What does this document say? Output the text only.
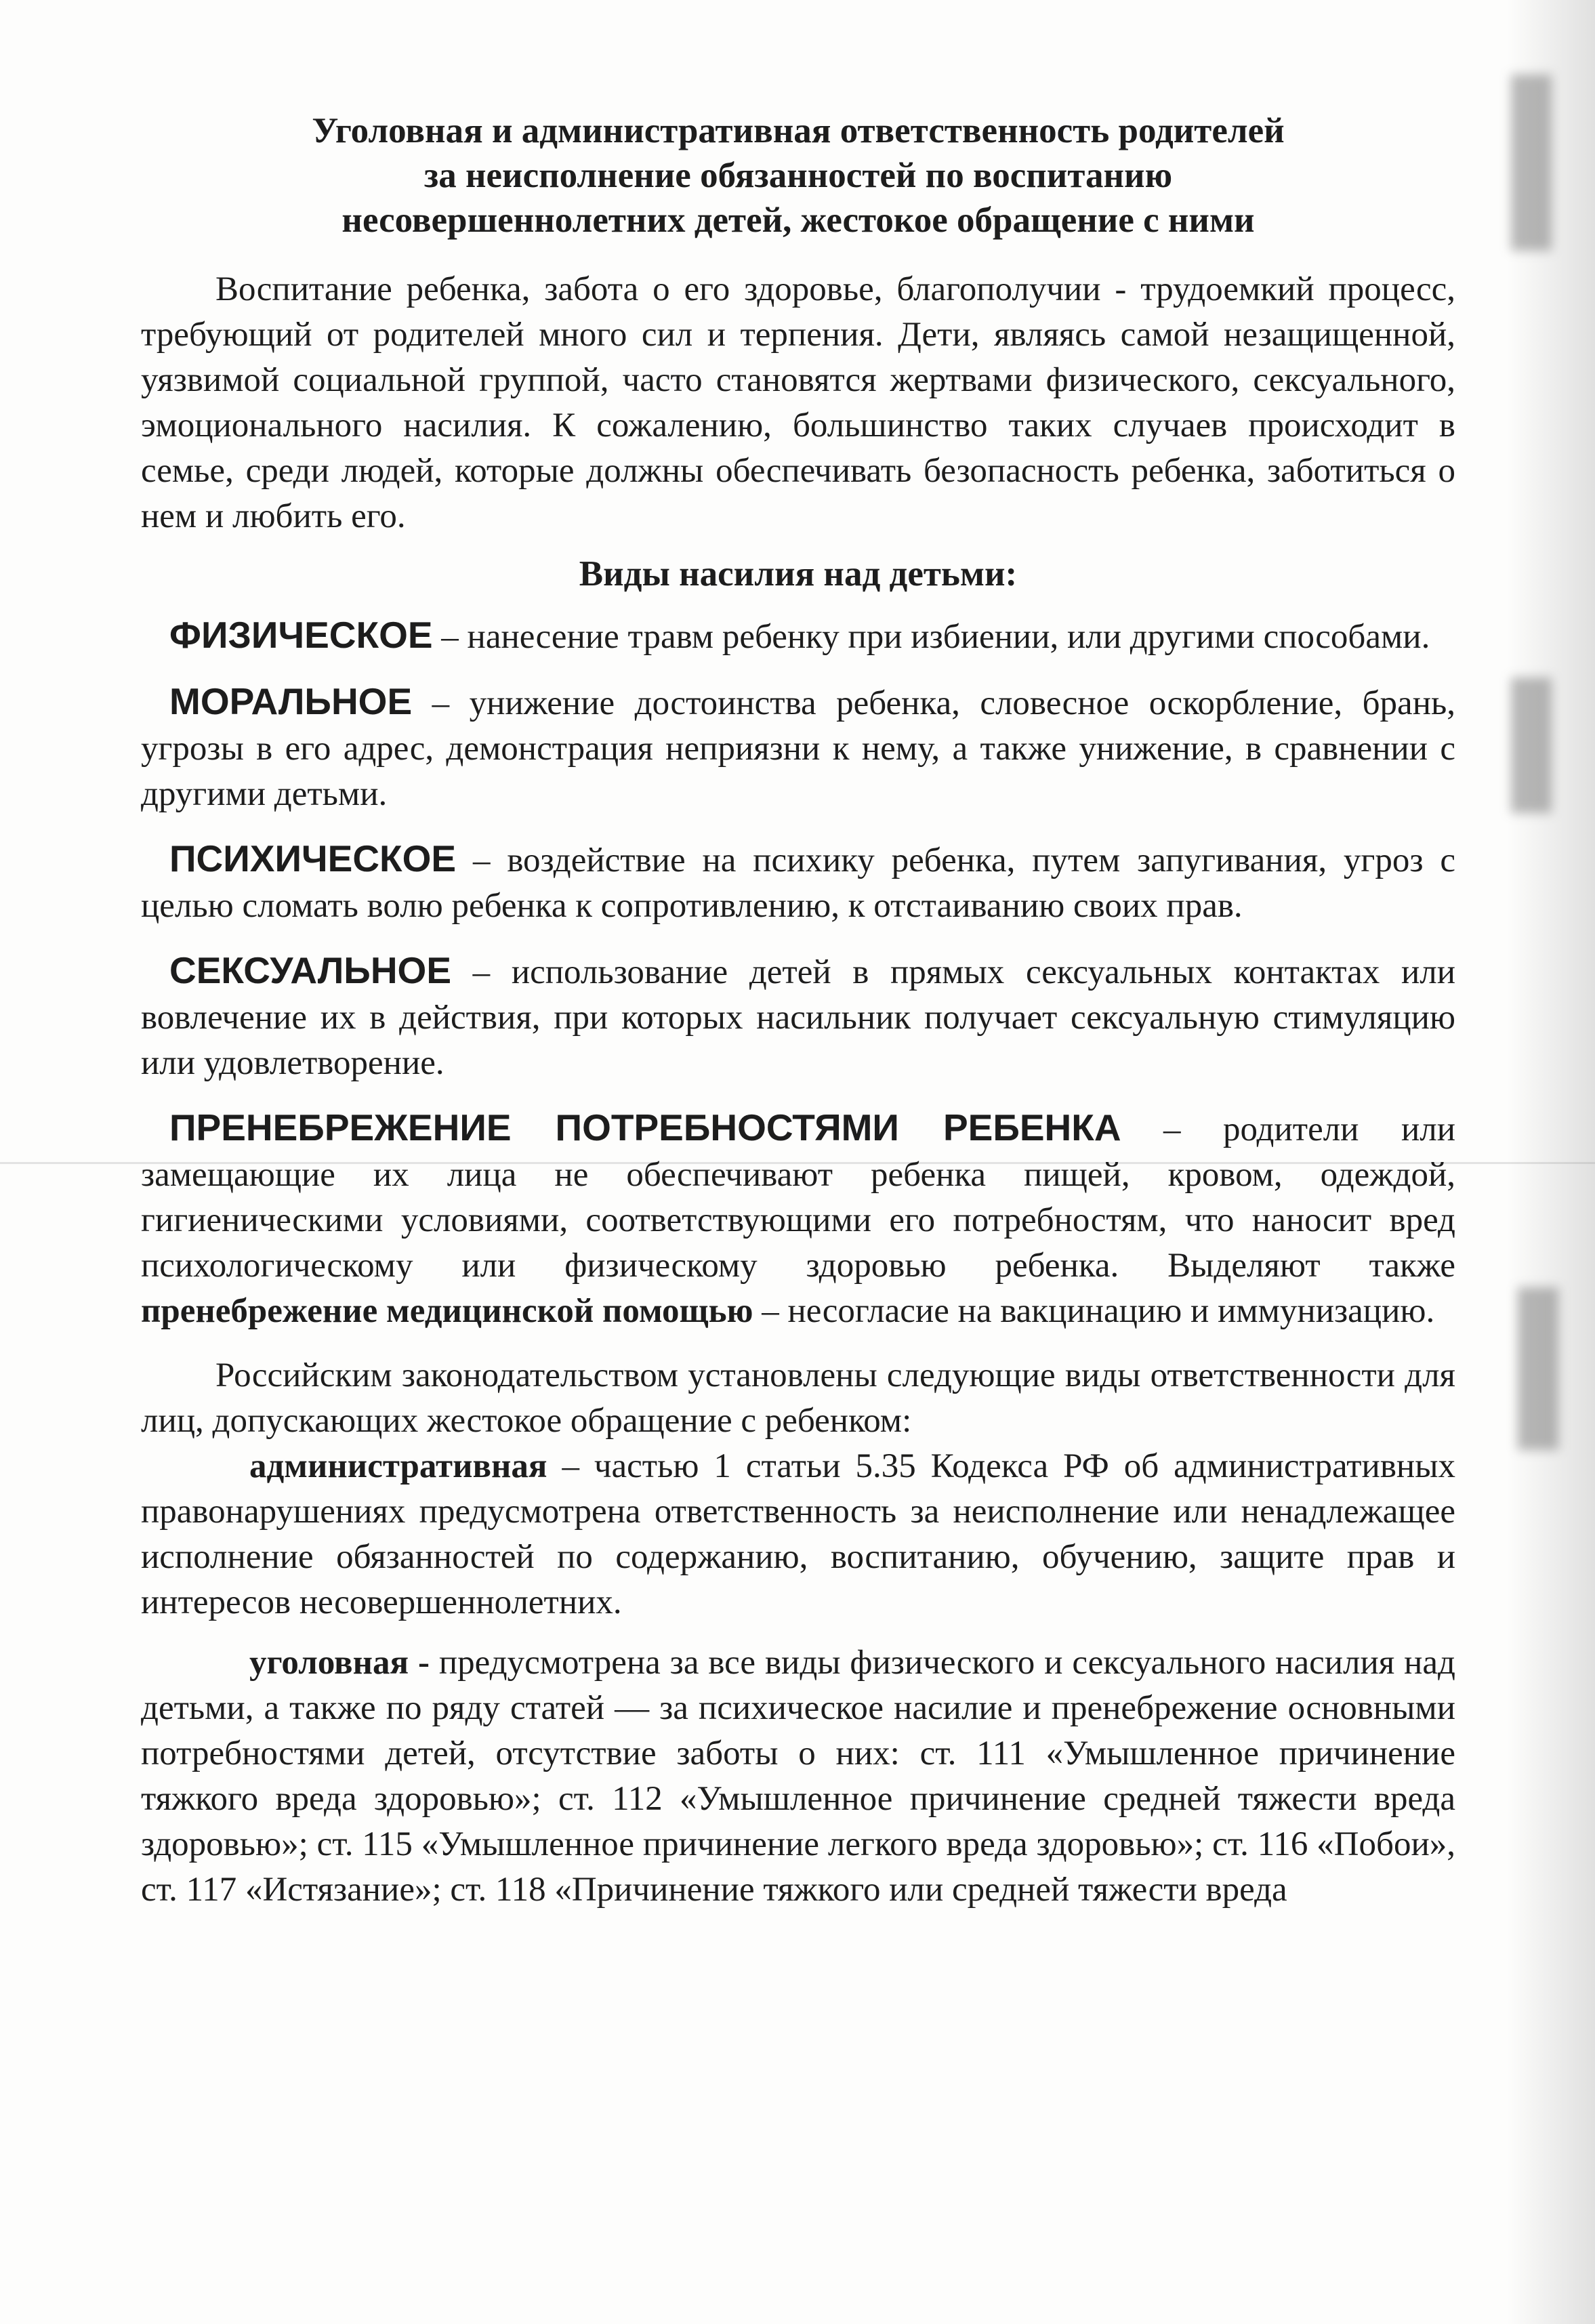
Уголовная и административная ответственность родителей
за неисполнение обязанностей по воспитанию
несовершеннолетних детей, жестокое обращение с ними

Воспитание ребенка, забота о его здоровье, благополучии - трудоемкий процесс, требующий от родителей много сил и терпения. Дети, являясь самой незащищенной, уязвимой социальной группой, часто становятся жертвами физического, сексуального, эмоционального насилия. К сожалению, большинство таких случаев происходит в семье, среди людей, которые должны обеспечивать безопасность ребенка, заботиться о нем и любить его.

Виды насилия над детьми:

ФИЗИЧЕСКОЕ – нанесение травм ребенку при избиении, или другими способами.

МОРАЛЬНОЕ – унижение достоинства ребенка, словесное оскорбление, брань, угрозы в его адрес, демонстрация неприязни к нему, а также унижение, в сравнении с другими детьми.

ПСИХИЧЕСКОЕ – воздействие на психику ребенка, путем запугивания, угроз с целью сломать волю ребенка к сопротивлению, к отстаиванию своих прав.

СЕКСУАЛЬНОЕ – использование детей в прямых сексуальных контактах или вовлечение их в действия, при которых насильник получает сексуальную стимуляцию или удовлетворение.

ПРЕНЕБРЕЖЕНИЕ ПОТРЕБНОСТЯМИ РЕБЕНКА – родители или замещающие их лица не обеспечивают ребенка пищей, кровом, одеждой, гигиеническими условиями, соответствующими его потребностям, что наносит вред психологическому или физическому здоровью ребенка. Выделяют также пренебрежение медицинской помощью – несогласие на вакцинацию и иммунизацию.

Российским законодательством установлены следующие виды ответственности для лиц, допускающих жестокое обращение с ребенком:

административная – частью 1 статьи 5.35 Кодекса РФ об административных правонарушениях предусмотрена ответственность за неисполнение или ненадлежащее исполнение обязанностей по содержанию, воспитанию, обучению, защите прав и интересов несовершеннолетних.

уголовная - предусмотрена за все виды физического и сексуального насилия над детьми, а также по ряду статей — за психическое насилие и пренебрежение основными потребностями детей, отсутствие заботы о них: ст. 111 «Умышленное причинение тяжкого вреда здоровью»; ст. 112 «Умышленное причинение средней тяжести вреда здоровью»; ст. 115 «Умышленное причинение легкого вреда здоровью»; ст. 116 «Побои», ст. 117 «Истязание»; ст. 118 «Причинение тяжкого или средней тяжести вреда
